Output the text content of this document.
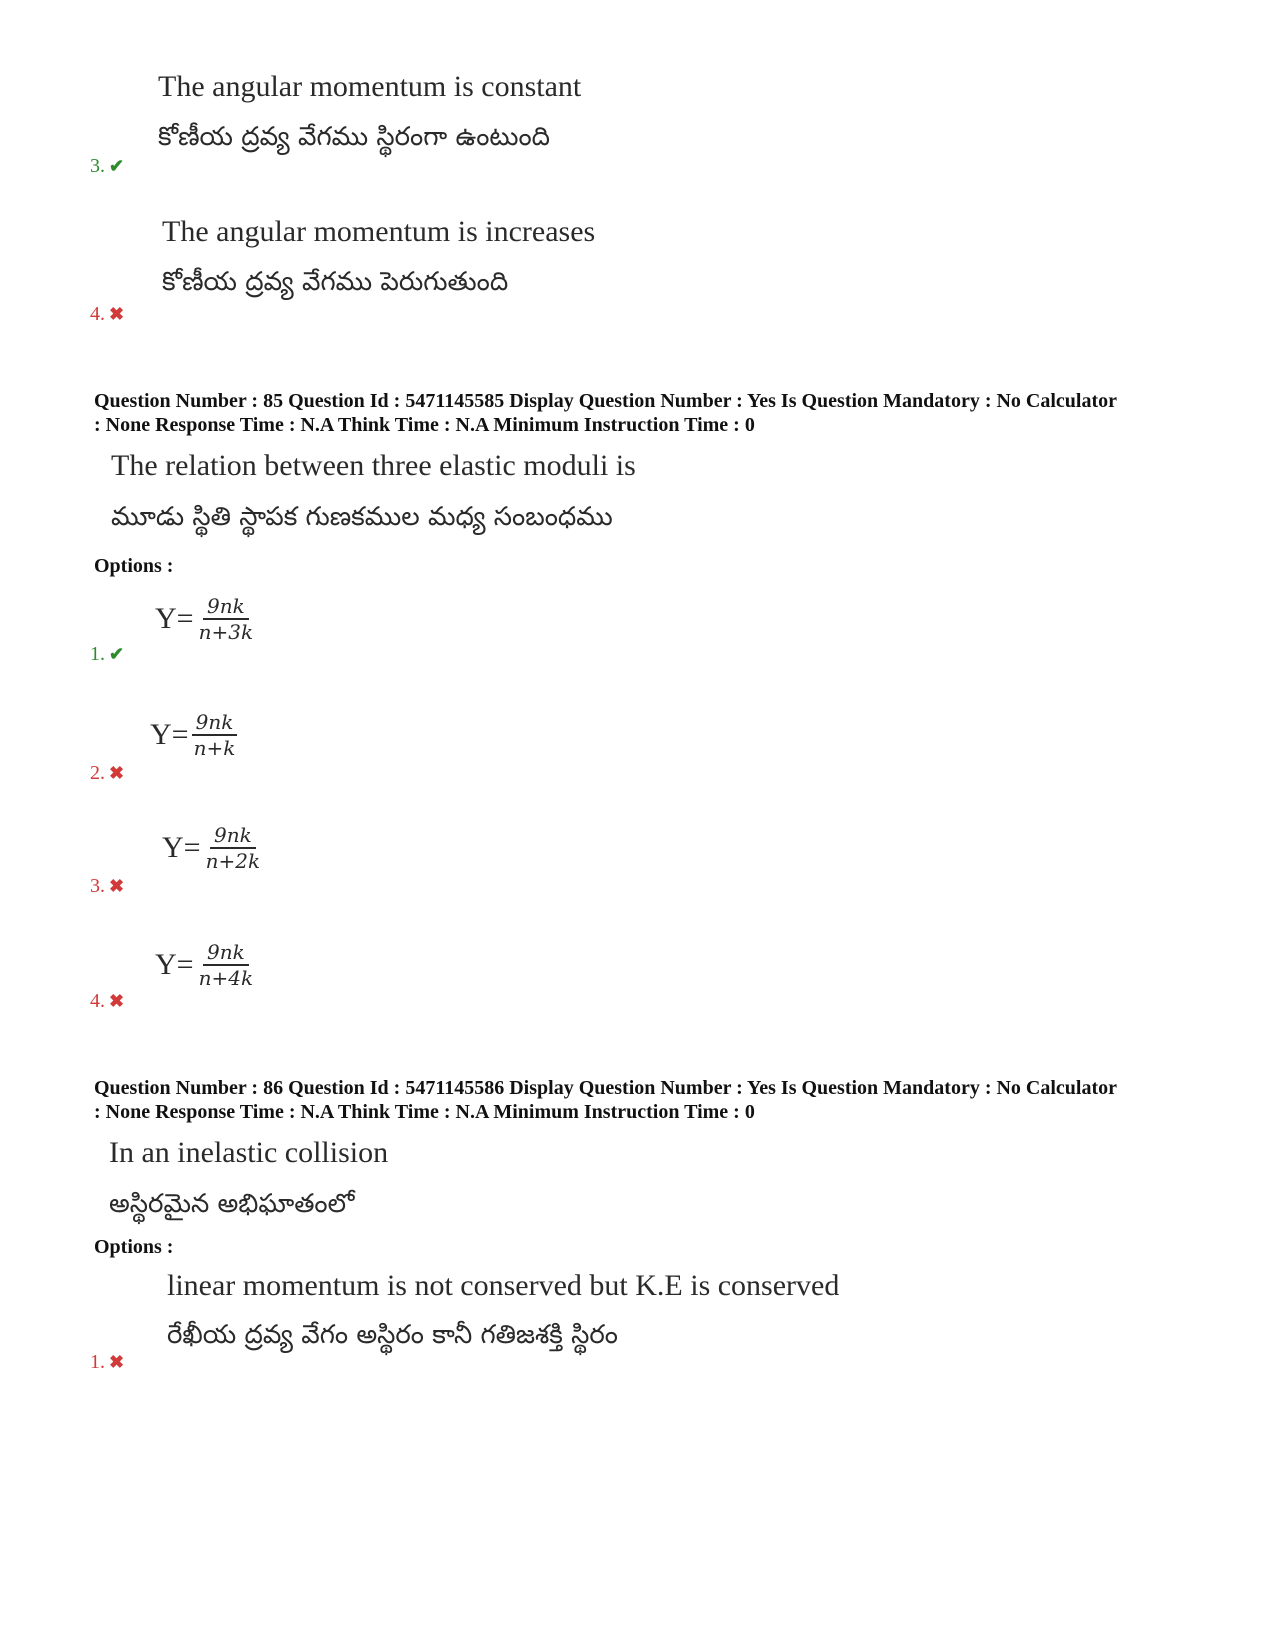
The angular momentum is constant
కోణీయ ద్రవ్య వేగము స్థిరంగా ఉంటుంది
3. ✔
The angular momentum is increases
కోణీయ ద్రవ్య వేగము పెరుగుతుంది
4. ✖
Question Number : 85 Question Id : 5471145585 Display Question Number : Yes Is Question Mandatory : No Calculator
: None Response Time : N.A Think Time : N.A Minimum Instruction Time : 0
The relation between three elastic moduli is
మూడు స్థితి స్థాపక గుణకముల మధ్య సంబంధము
Options :
$Y= \frac{9nk}{n+3k}$
1. ✔
$Y= \frac{9nk}{n+k}$
2. ✖
$Y= \frac{9nk}{n+2k}$
3. ✖
$Y= \frac{9nk}{n+4k}$
4. ✖
Question Number : 86 Question Id : 5471145586 Display Question Number : Yes Is Question Mandatory : No Calculator
: None Response Time : N.A Think Time : N.A Minimum Instruction Time : 0
In an inelastic collision
అస్థిరమైన అభిఘాతంలో
Options :
linear momentum is not conserved but K.E is conserved
రేఖీయ ద్రవ్య వేగం అస్థిరం కానీ గతిజశక్తి స్థిరం
1. ✖
